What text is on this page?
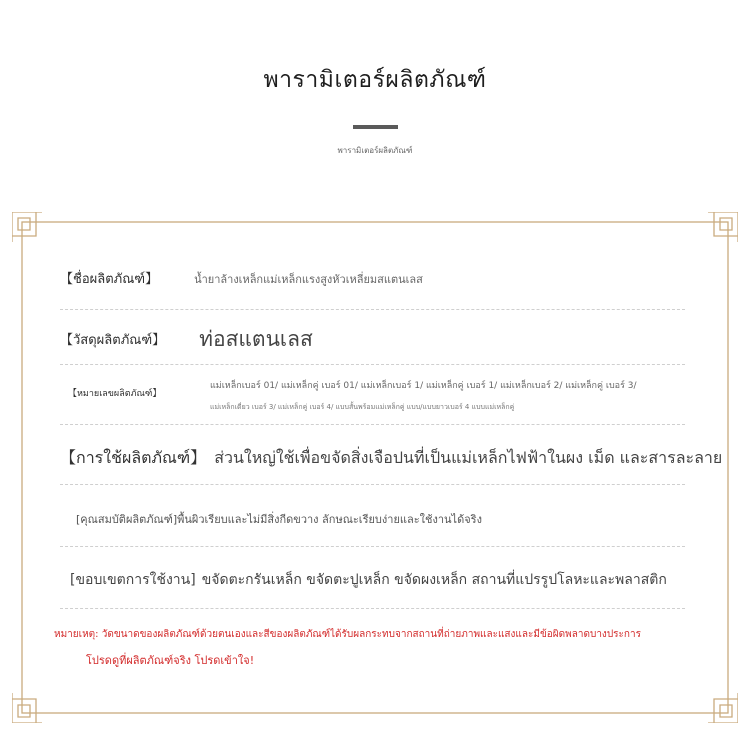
พารามิเตอร์ผลิตภัณฑ์
พารามิเตอร์ผลิตภัณฑ์
【ชื่อผลิตภัณฑ์】	น้ำยาล้างเหล็กแม่เหล็กแรงสูงหัวเหลี่ยมสแตนเลส
【วัสดุผลิตภัณฑ์】 ท่อสแตนเลส
【หมายเลขผลิตภัณฑ์】
แม่เหล็กเบอร์ 01/ แม่เหล็กคู่ เบอร์ 01/ แม่เหล็กเบอร์ 1/ แม่เหล็กคู่ เบอร์ 1/ แม่เหล็กเบอร์ 2/ แม่เหล็กคู่ เบอร์ 3/
แม่เหล็กเดี่ยว เบอร์ 3/ แม่เหล็กคู่ เบอร์ 4/ แบบสั้นพร้อมแม่เหล็กคู่ แบบ/แบบยาวเบอร์ 4 แบบแม่เหล็กคู่
【การใช้ผลิตภัณฑ์】 ส่วนใหญ่ใช้เพื่อขจัดสิ่งเจือปนที่เป็นแม่เหล็กไฟฟ้าในผง เม็ด และสารละลาย
[คุณสมบัติผลิตภัณฑ์]พื้นผิวเรียบและไม่มีสิ่งกีดขวาง ลักษณะเรียบง่ายและใช้งานได้จริง
[ขอบเขตการใช้งาน] ขจัดตะกรันเหล็ก ขจัดตะปูเหล็ก ขจัดผงเหล็ก สถานที่แปรรูปโลหะและพลาสติก
หมายเหตุ: วัดขนาดของผลิตภัณฑ์ด้วยตนเองและสีของผลิตภัณฑ์ได้รับผลกระทบจากสถานที่ถ่ายภาพและแสงและมีข้อผิดพลาดบางประการ
โปรดดูที่ผลิตภัณฑ์จริง โปรดเข้าใจ!
